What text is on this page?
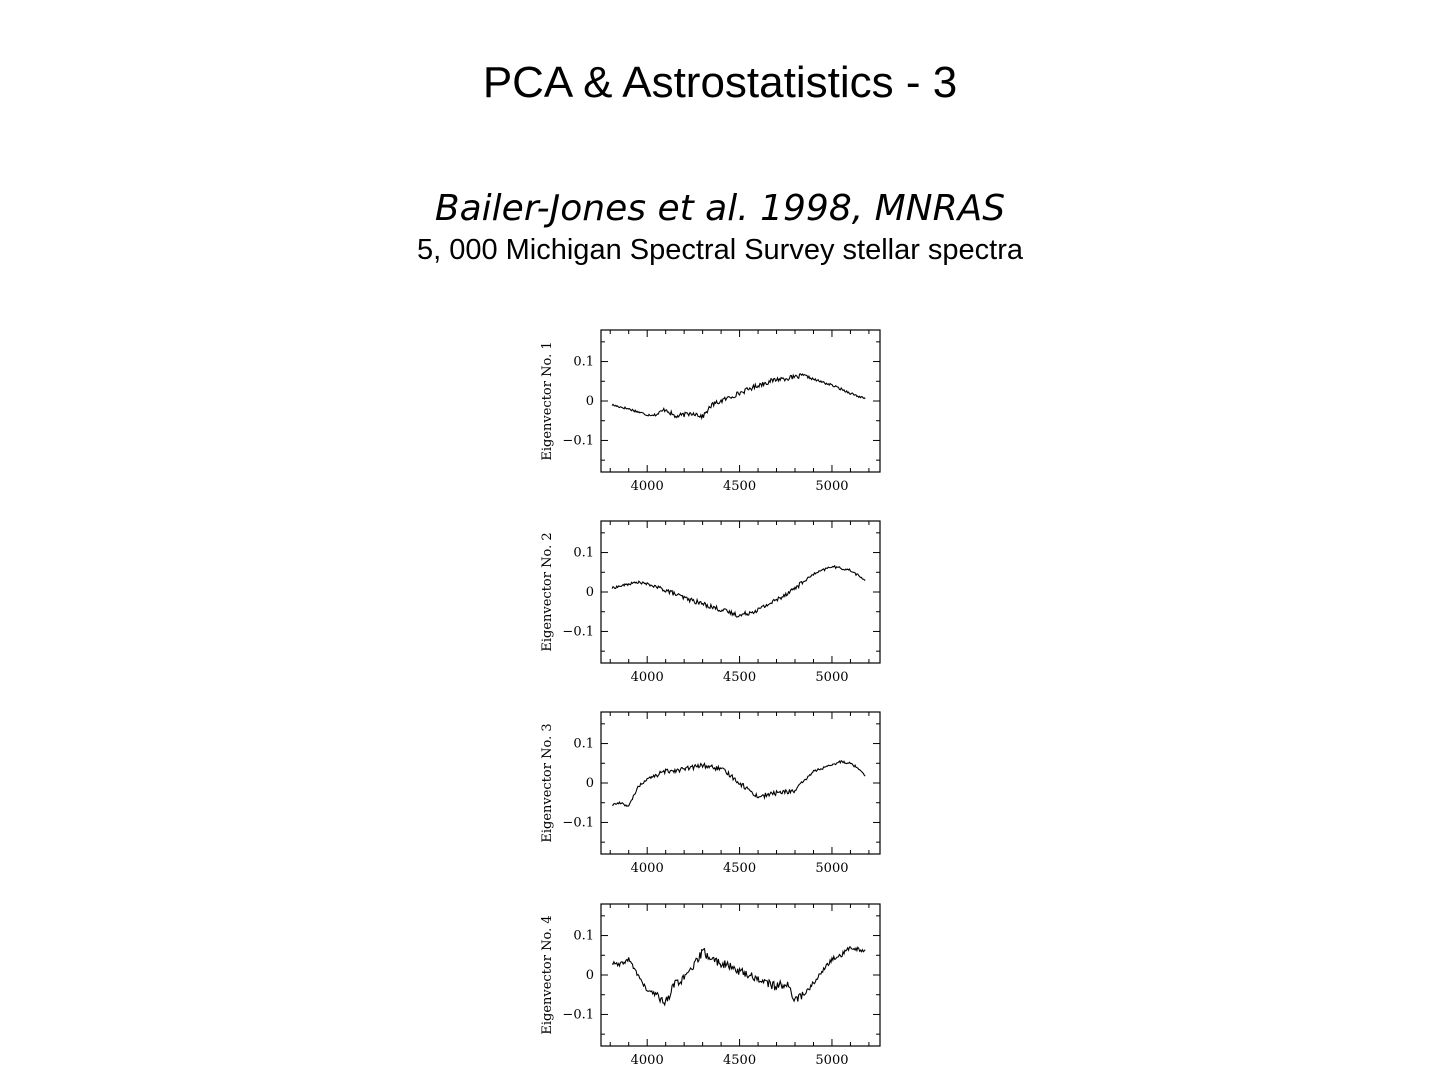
PCA & Astrostatistics - 3
Bailer-Jones et al. 1998, MNRAS
5, 000 Michigan Spectral Survey stellar spectra
4000	4500	5000
0.1
0
−0.1
Eigenvector No. 1
4000	4500	5000
0.1
0
−0.1
Eigenvector No. 2
4000	4500	5000
0.1
0
−0.1
Eigenvector No. 3
4000	4500	5000
0.1
0
−0.1
Eigenvector No. 4
